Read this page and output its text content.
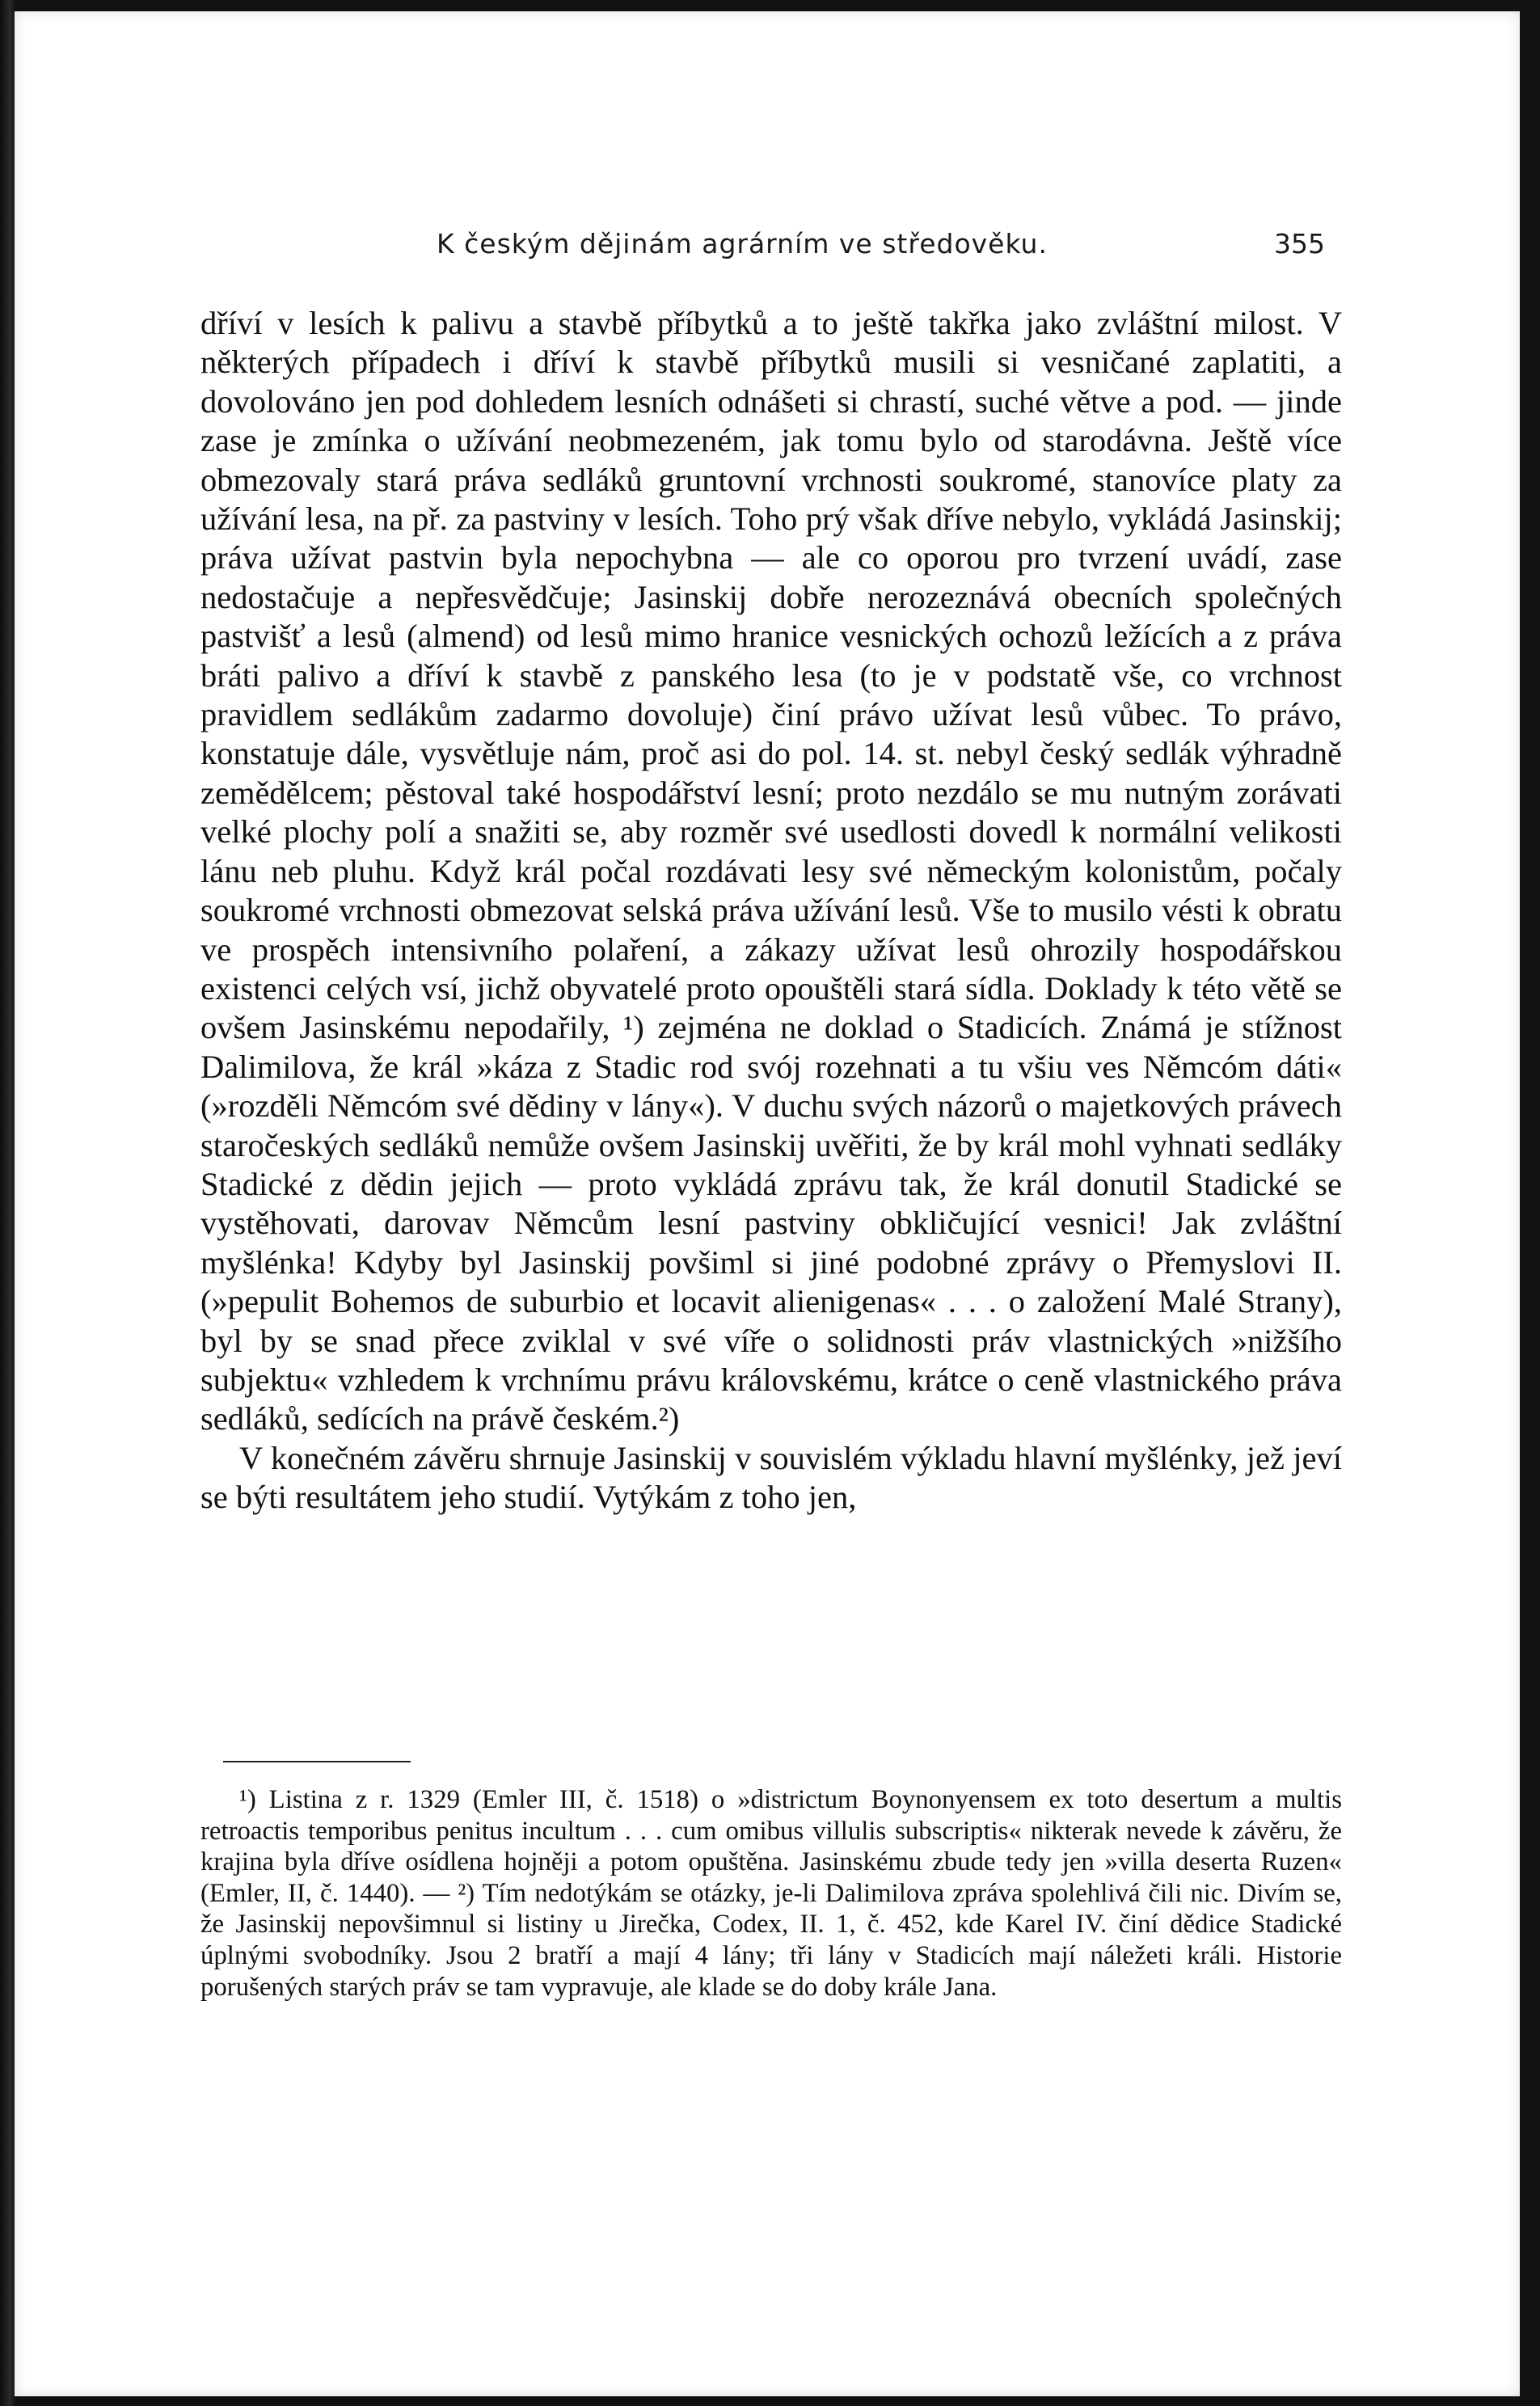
K českým dějinám agrárním ve středověku.	355

dříví v lesích k palivu a stavbě příbytků a to ještě takřka jako zvláštní milost. V některých případech i dříví k stavbě příbytků musili si vesničané zaplatiti, a dovolováno jen pod dohledem lesních odnášeti si chrastí, suché větve a pod. — jinde zase je zmínka o užívání neobmezeném, jak tomu bylo od starodávna. Ještě více obmezovaly stará práva sedláků gruntovní vrchnosti soukromé, stanovíce platy za užívání lesa, na př. za pastviny v lesích. Toho prý však dříve nebylo, vykládá Jasinskij; práva užívat pastvin byla nepochybna — ale co oporou pro tvrzení uvádí, zase nedostačuje a nepřesvědčuje; Jasinskij dobře nerozeznává obecních společných pastvišť a lesů (almend) od lesů mimo hranice vesnických ochozů ležících a z práva bráti palivo a dříví k stavbě z panského lesa (to je v podstatě vše, co vrchnost pravidlem sedlákům zadarmo dovoluje) činí právo užívat lesů vůbec. To právo, konstatuje dále, vysvětluje nám, proč asi do pol. 14. st. nebyl český sedlák výhradně zemědělcem; pěstoval také hospodářství lesní; proto nezdálo se mu nutným zorávati velké plochy polí a snažiti se, aby rozměr své usedlosti dovedl k normální velikosti lánu neb pluhu. Když král počal rozdávati lesy své německým kolonistům, počaly soukromé vrchnosti obmezovat selská práva užívání lesů. Vše to musilo vésti k obratu ve prospěch intensivního polaření, a zákazy užívat lesů ohrozily hospodářskou existenci celých vsí, jichž obyvatelé proto opouštěli stará sídla. Doklady k této větě se ovšem Jasinskému nepodařily, ¹) zejména ne doklad o Stadicích. Známá je stížnost Dalimilova, že král »káza z Stadic rod svój rozehnati a tu všiu ves Němcóm dáti« (»rozděli Němcóm své dědiny v lány«). V duchu svých názorů o majetkových právech staročeských sedláků nemůže ovšem Jasinskij uvěřiti, že by král mohl vyhnati sedláky Stadické z dědin jejich — proto vykládá zprávu tak, že král donutil Stadické se vystěhovati, darovav Němcům lesní pastviny obkličující vesnici! Jak zvláštní myšlénka! Kdyby byl Jasinskij povšiml si jiné podobné zprávy o Přemyslovi II. (»pepulit Bohemos de suburbio et locavit alienigenas« . . . o založení Malé Strany), byl by se snad přece zviklal v své víře o solidnosti práv vlastnických »nižšího subjektu« vzhledem k vrchnímu právu královskému, krátce o ceně vlastnického práva sedláků, sedících na právě českém.²)

V konečném závěru shrnuje Jasinskij v souvislém výkladu hlavní myšlénky, jež jeví se býti resultátem jeho studií. Vytýkám z toho jen,

¹) Listina z r. 1329 (Emler III, č. 1518) o »districtum Boynonyensem ex toto desertum a multis retroactis temporibus penitus incultum . . . cum omibus villulis subscriptis« nikterak nevede k závěru, že krajina byla dříve osídlena hojněji a potom opuštěna. Jasinskému zbude tedy jen »villa deserta Ruzen« (Emler, II, č. 1440). — ²) Tím nedotýkám se otázky, je-li Dalimilova zpráva spolehlivá čili nic. Divím se, že Jasinskij nepovšimnul si listiny u Jirečka, Codex, II. 1, č. 452, kde Karel IV. činí dědice Stadické úplnými svobodníky. Jsou 2 bratří a mají 4 lány; tři lány v Stadicích mají náležeti králi. Historie porušených starých práv se tam vypravuje, ale klade se do doby krále Jana.
